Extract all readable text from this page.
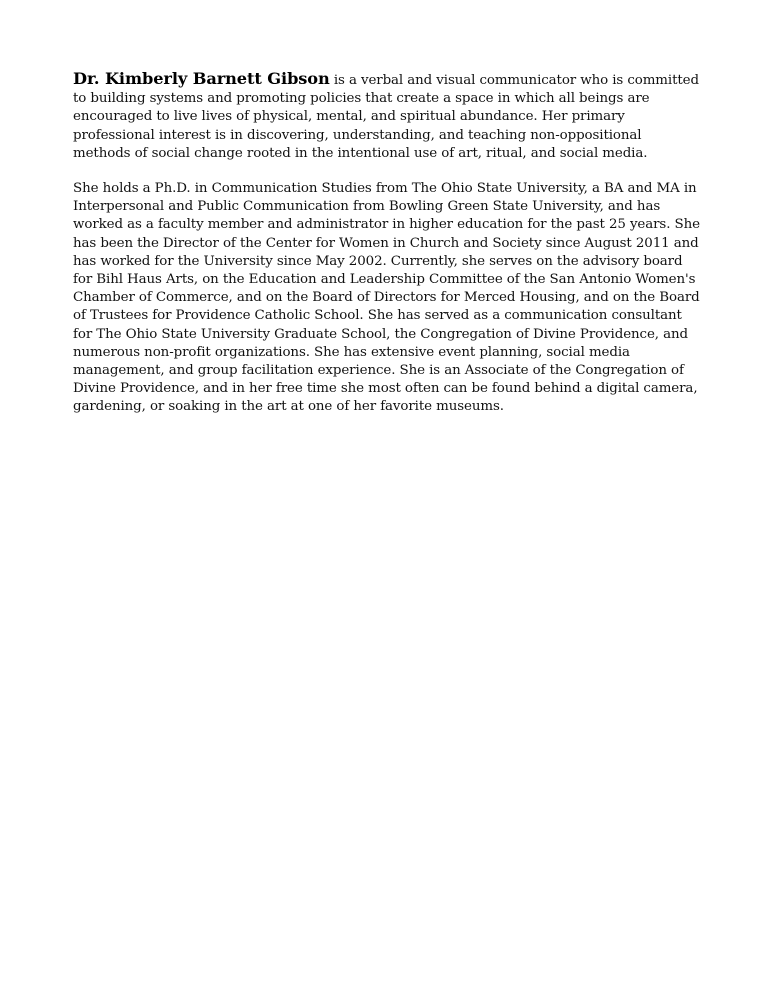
Dr. Kimberly Barnett Gibson is a verbal and visual communicator who is committed to building systems and promoting policies that create a space in which all beings are encouraged to live lives of physical, mental, and spiritual abundance. Her primary professional interest is in discovering, understanding, and teaching non-oppositional methods of social change rooted in the intentional use of art, ritual, and social media.

She holds a Ph.D. in Communication Studies from The Ohio State University, a BA and MA in Interpersonal and Public Communication from Bowling Green State University, and has worked as a faculty member and administrator in higher education for the past 25 years. She has been the Director of the Center for Women in Church and Society since August 2011 and has worked for the University since May 2002. Currently, she serves on the advisory board for Bihl Haus Arts, on the Education and Leadership Committee of the San Antonio Women's Chamber of Commerce, and on the Board of Directors for Merced Housing, and on the Board of Trustees for Providence Catholic School. She has served as a communication consultant for The Ohio State University Graduate School, the Congregation of Divine Providence, and numerous non-profit organizations. She has extensive event planning, social media management, and group facilitation experience. She is an Associate of the Congregation of Divine Providence, and in her free time she most often can be found behind a digital camera, gardening, or soaking in the art at one of her favorite museums.
